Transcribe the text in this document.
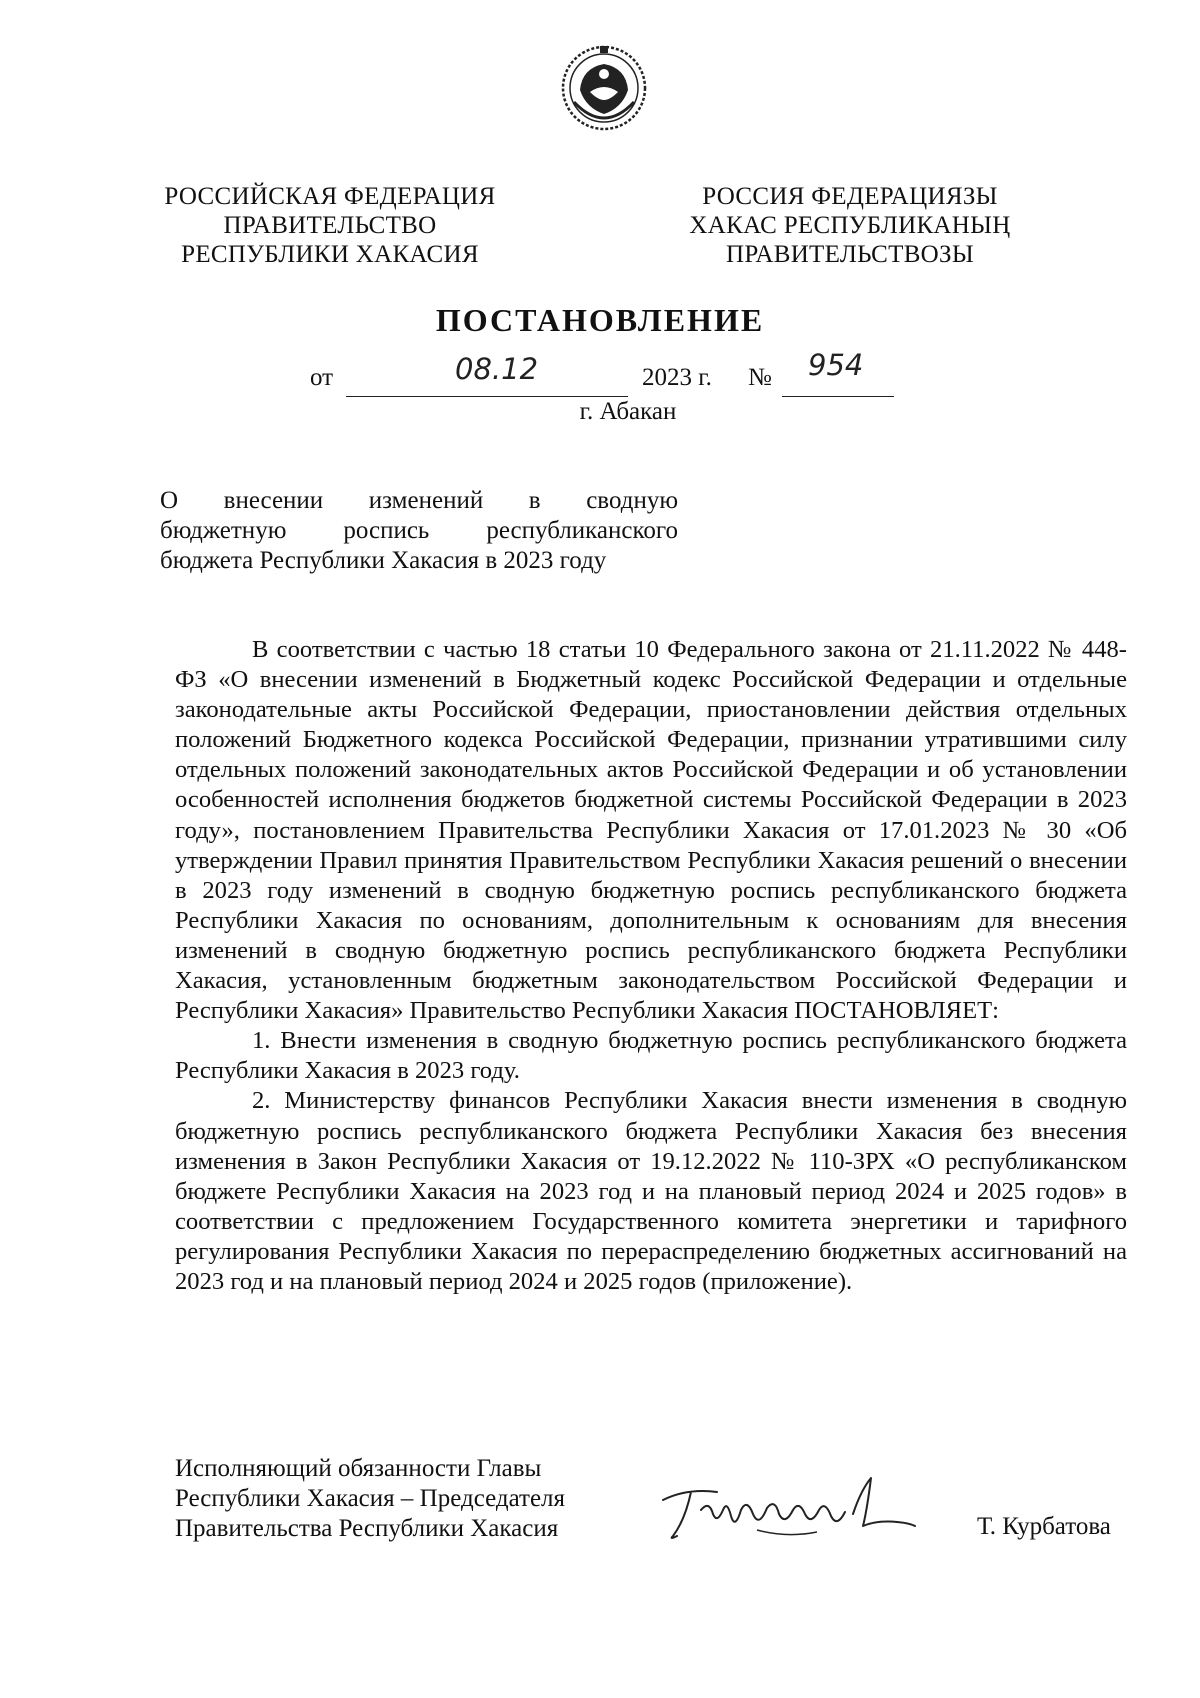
РОССИЙСКАЯ ФЕДЕРАЦИЯ
ПРАВИТЕЛЬСТВО
РЕСПУБЛИКИ ХАКАСИЯ
РОССИЯ ФЕДЕРАЦИЯЗЫ
ХАКАС РЕСПУБЛИКАНЫҢ
ПРАВИТЕЛЬСТВОЗЫ
ПОСТАНОВЛЕНИЕ
от	08.12	2023 г. № 954
г. Абакан
О внесении изменений в сводную
бюджетную роспись республиканского
бюджета Республики Хакасия в 2023 году

В соответствии с частью 18 статьи 10 Федерального закона от 21.11.2022 № 448-ФЗ «О внесении изменений в Бюджетный кодекс Российской Федерации и отдельные законодательные акты Российской Федерации, приостановлении действия отдельных положений Бюджетного кодекса Российской Федерации, признании утратившими силу отдельных положений законодательных актов Российской Федерации и об установлении особенностей исполнения бюджетов бюджетной системы Российской Федерации в 2023 году», постановлением Правительства Республики Хакасия от 17.01.2023 № 30 «Об утверждении Правил принятия Правительством Республики Хакасия решений о внесении в 2023 году изменений в сводную бюджетную роспись республиканского бюджета Республики Хакасия по основаниям, дополнительным к основаниям для внесения изменений в сводную бюджетную роспись республиканского бюджета Республики Хакасия, установленным бюджетным законодательством Российской Федерации и Республики Хакасия» Правительство Республики Хакасия ПОСТАНОВЛЯЕТ:

1. Внести изменения в сводную бюджетную роспись республиканского бюджета Республики Хакасия в 2023 году.

2. Министерству финансов Республики Хакасия внести изменения в сводную бюджетную роспись республиканского бюджета Республики Хакасия без внесения изменения в Закон Республики Хакасия от 19.12.2022 № 110-ЗРХ «О республиканском бюджете Республики Хакасия на 2023 год и на плановый период 2024 и 2025 годов» в соответствии с предложением Государственного комитета энергетики и тарифного регулирования Республики Хакасия по перераспределению бюджетных ассигнований на 2023 год и на плановый период 2024 и 2025 годов (приложение).

Исполняющий обязанности Главы
Республики Хакасия – Председателя
Правительства Республики Хакасия	Т. Курбатова
